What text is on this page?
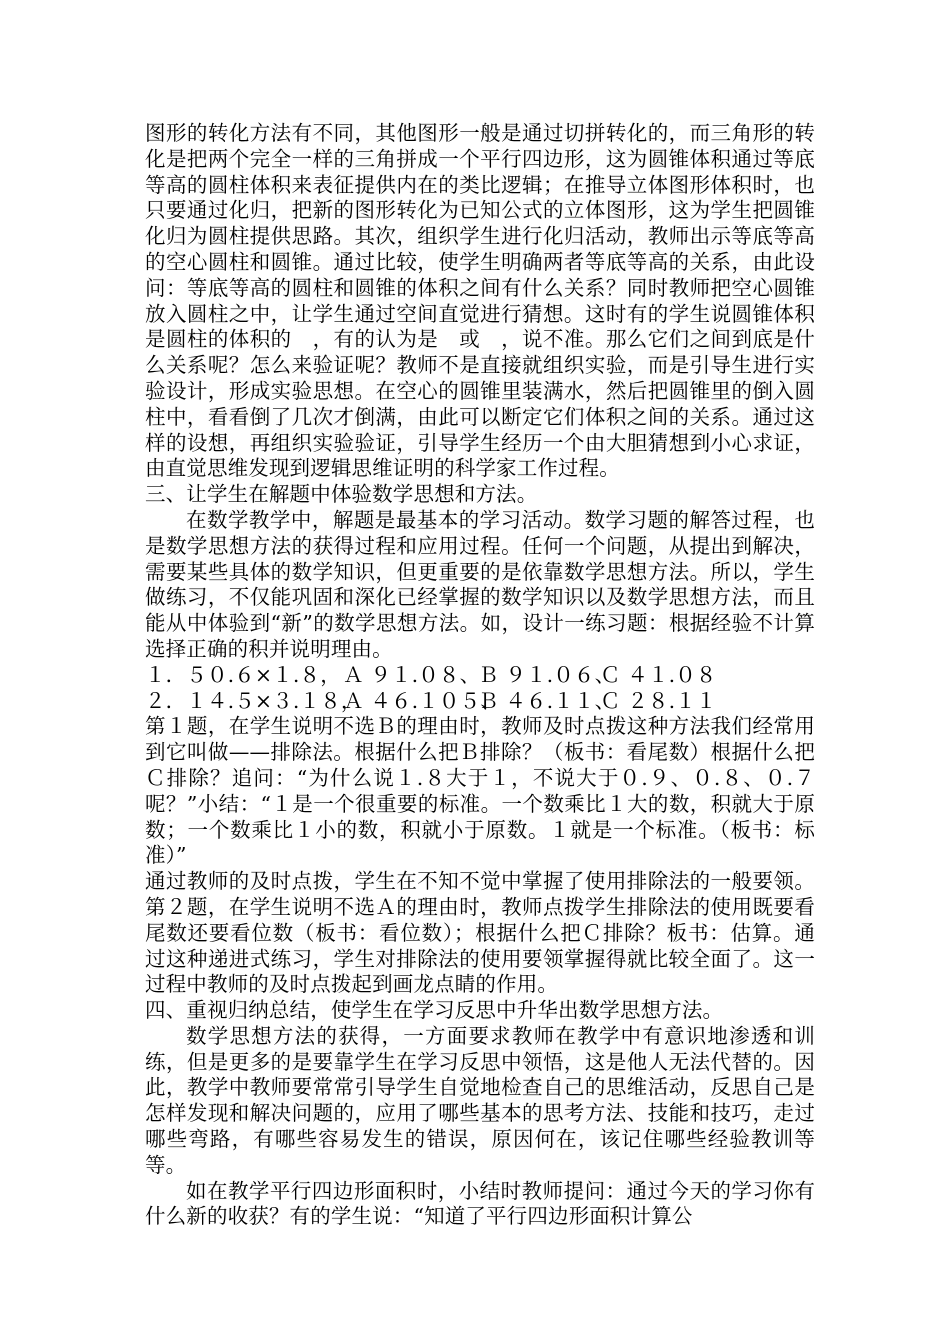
图形的转化方法有不同，其他图形一般是通过切拼转化的，而三角形的转化是把两个完全一样的三角拼成一个平行四边形，这为圆锥体积通过等底等高的圆柱体积来表征提供内在的类比逻辑；在推导立体图形体积时，也只要通过化归，把新的图形转化为已知公式的立体图形，这为学生把圆锥化归为圆柱提供思路。其次，组织学生进行化归活动，教师出示等底等高的空心圆柱和圆锥。通过比较，使学生明确两者等底等高的关系，由此设问：等底等高的圆柱和圆锥的体积之间有什么关系？同时教师把空心圆锥放入圆柱之中，让学生通过空间直觉进行猜想。这时有的学生说圆锥体积是圆柱的体积的　，有的认为是　或　，说不准。那么它们之间到底是什么关系呢？怎么来验证呢？教师不是直接就组织实验，而是引导生进行实验设计，形成实验思想。在空心的圆锥里装满水，然后把圆锥里的倒入圆柱中，看看倒了几次才倒满，由此可以断定它们体积之间的关系。通过这样的设想，再组织实验验证，引导学生经历一个由大胆猜想到小心求证，由直觉思维发现到逻辑思维证明的科学家工作过程。

三、让学生在解题中体验数学思想和方法。

在数学教学中，解题是最基本的学习活动。数学习题的解答过程，也是数学思想方法的获得过程和应用过程。任何一个问题，从提出到解决，需要某些具体的数学知识，但更重要的是依靠数学思想方法。所以，学生做练习，不仅能巩固和深化已经掌握的数学知识以及数学思想方法，而且能从中体验到“新”的数学思想方法。如，设计一练习题：根据经验不计算选择正确的积并说明理由。

１．５０.６×１.８， Ａ ９１.０８、
Ｂ ９１.０６、
Ｃ ４１.０８
２．１４.５×３.１８，
Ａ ４６.１０５、
Ｂ ４６.１１、
Ｃ ２８.１１

第１题，在学生说明不选Ｂ的理由时，教师及时点拨这种方法我们经常用到它叫做——排除法。根据什么把Ｂ排除？（板书：看尾数）根据什么把Ｃ排除？追问：“为什么说１.８大于１，不说大于０.９、０.８、０.７呢？”小结：“１是一个很重要的标准。一个数乘比１大的数，积就大于原数；一个数乘比１小的数，积就小于原数。１就是一个标准。（板书：标准）”

通过教师的及时点拨，学生在不知不觉中掌握了使用排除法的一般要领。第２题，在学生说明不选Ａ的理由时，教师点拨学生排除法的使用既要看尾数还要看位数（板书：看位数）；根据什么把Ｃ排除？板书：估算。通过这种递进式练习，学生对排除法的使用要领掌握得就比较全面了。这一过程中教师的及时点拨起到画龙点睛的作用。

四、重视归纳总结，使学生在学习反思中升华出数学思想方法。

数学思想方法的获得，一方面要求教师在教学中有意识地渗透和训练，但是更多的是要靠学生在学习反思中领悟，这是他人无法代替的。因此，教学中教师要常常引导学生自觉地检查自己的思维活动，反思自己是怎样发现和解决问题的，应用了哪些基本的思考方法、技能和技巧，走过哪些弯路，有哪些容易发生的错误，原因何在，该记住哪些经验教训等等。

如在教学平行四边形面积时，小结时教师提问：通过今天的学习你有什么新的收获？有的学生说：“知道了平行四边形面积计算公
